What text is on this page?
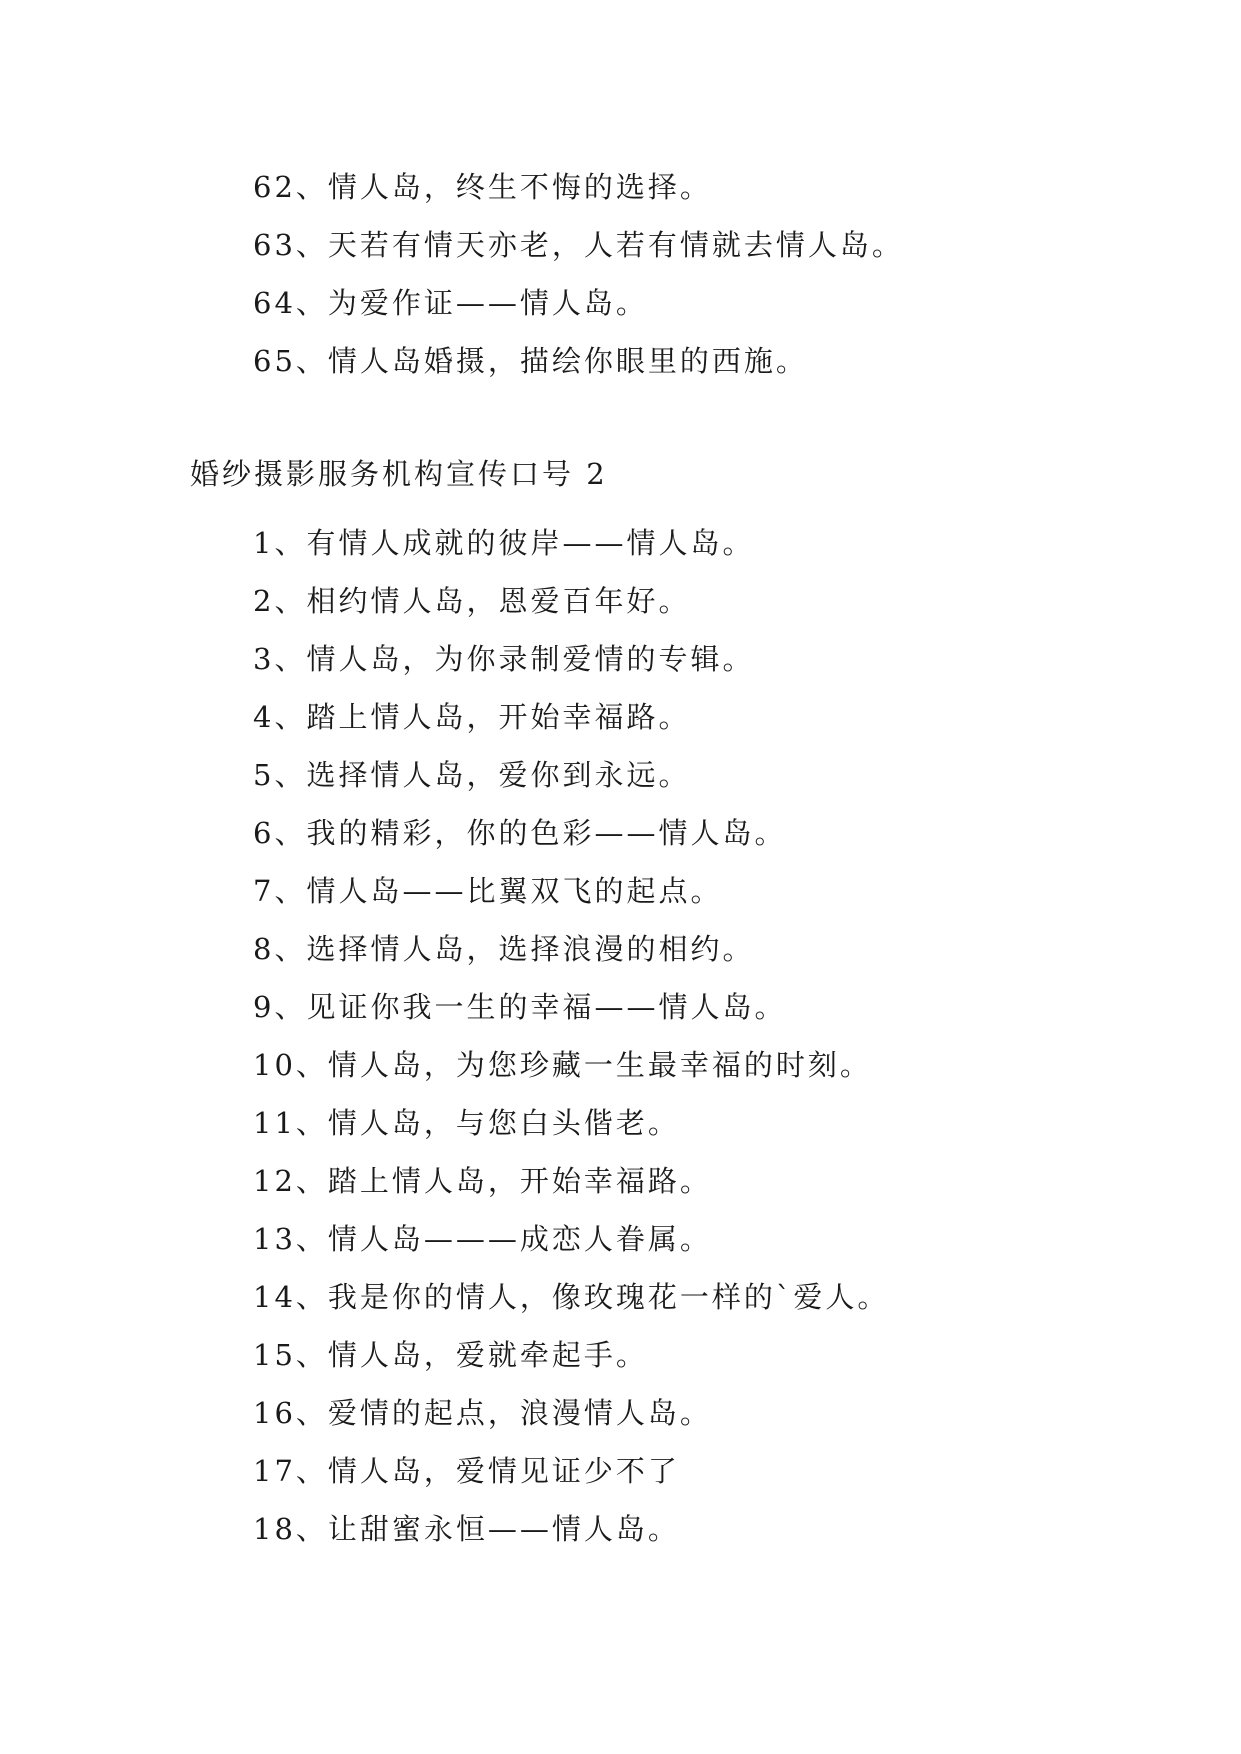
62、情人岛，终生不悔的选择。
63、天若有情天亦老，人若有情就去情人岛。
64、为爱作证——情人岛。
65、情人岛婚摄，描绘你眼里的西施。
婚纱摄影服务机构宣传口号 2
1、有情人成就的彼岸——情人岛。
2、相约情人岛，恩爱百年好。
3、情人岛，为你录制爱情的专辑。
4、踏上情人岛，开始幸福路。
5、选择情人岛，爱你到永远。
6、我的精彩，你的色彩——情人岛。
7、情人岛——比翼双飞的起点。
8、选择情人岛，选择浪漫的相约。
9、见证你我一生的幸福——情人岛。
10、情人岛，为您珍藏一生最幸福的时刻。
11、情人岛，与您白头偕老。
12、踏上情人岛，开始幸福路。
13、情人岛———成恋人眷属。
14、我是你的情人，像玫瑰花一样的`爱人。
15、情人岛，爱就牵起手。
16、爱情的起点，浪漫情人岛。
17、情人岛，爱情见证少不了
18、让甜蜜永恒——情人岛。
